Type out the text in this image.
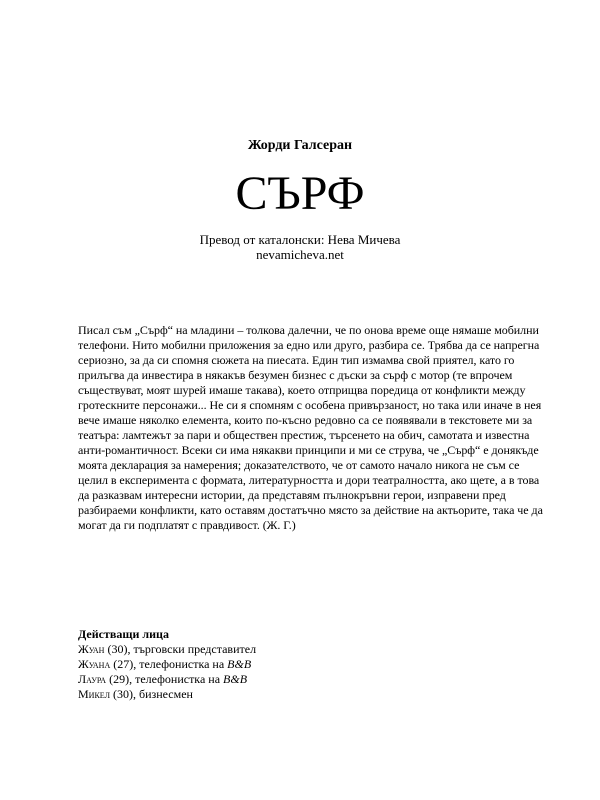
Жорди Галсеран
СЪРФ
Превод от каталонски: Нева Мичева
nevamicheva.net

Писал съм „Сърф“ на младини – толкова далечни, че по онова време още нямаше мобилни телефони. Нито мобилни приложения за едно или друго, разбира се. Трябва да се напрегна сериозно, за да си спомня сюжета на пиесата. Един тип измамва свой приятел, като го прилъгва да инвестира в някакъв безумен бизнес с дъски за сърф с мотор (те впрочем съществуват, моят шурей имаше такава), което отприщва поредица от конфликти между гротескните персонажи... Не си я спомням с особена привързаност, но така или иначе в нея вече имаше няколко елемента, които по-късно редовно са се появявали в текстовете ми за театъра: ламтежът за пари и обществен престиж, търсенето на обич, самотата и известна анти-романтичност. Всеки си има някакви принципи и ми се струва, че „Сърф“ е донякъде моята декларация за намерения; доказателството, че от самото начало никога не съм се целил в експеримента с формата, литературността и дори театралността, ако щете, а в това да разказвам интересни истории, да представям пълнокръвни герои, изправени пред разбираеми конфликти, като оставям достатъчно място за действие на актьорите, така че да могат да ги подплатят с правдивост. (Ж. Г.)

Действащи лица
Жуан (30), търговски представител
Жуана (27), телефонистка на B&B
Лаура (29), телефонистка на B&B
Микел (30), бизнесмен
